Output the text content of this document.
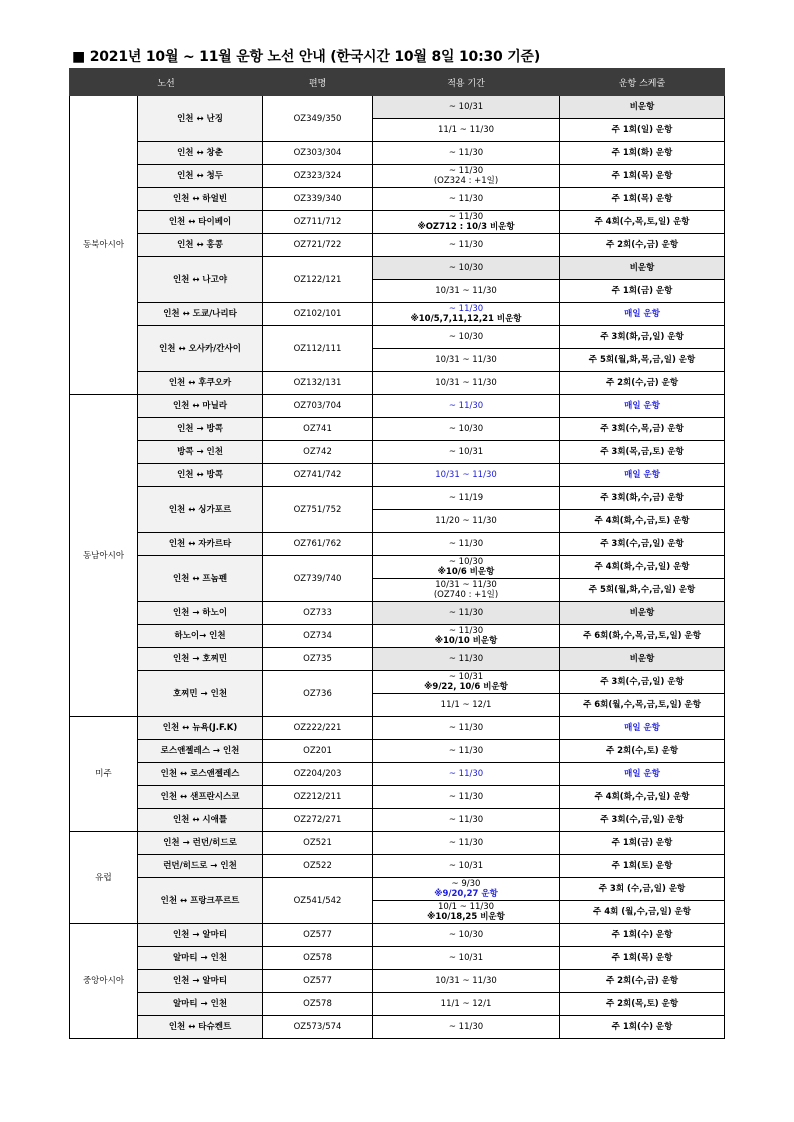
■ 2021년 10월 ~ 11월 운항 노선 안내 (한국시간 10월 8일 10:30 기준)
노선		편명	적용 기간	운항 스케줄
동북아시아	인천 ↔ 난징	OZ349/350	~ 10/31	비운항

			11/1 ~ 11/30	주 1회(일) 운항
	인천 ↔ 창춘	OZ303/304	~ 11/30	주 1회(화) 운항
	인천 ↔ 청두	OZ323/324	~ 11/30
(OZ324 : +1일)	주 1회(목) 운항
	인천 ↔ 하얼빈	OZ339/340	~ 11/30	주 1회(목) 운항
	인천 ↔ 타이베이	OZ711/712	~ 11/30
※OZ712 : 10/3 비운항	주 4회(수,목,토,일) 운항
	인천 ↔ 홍콩	OZ721/722	~ 11/30	주 2회(수,금) 운항
	인천 ↔ 나고야	OZ122/121	~ 10/30	비운항

			10/31 ~ 11/30	주 1회(금) 운항
	인천 ↔ 도쿄/나리타	OZ102/101	~ 11/30
※10/5,7,11,12,21 비운항	매일 운항
	인천 ↔ 오사카/간사이	OZ112/111	~ 10/30	주 3회(화,금,일) 운항

			10/31 ~ 11/30	주 5회(월,화,목,금,일) 운항
	인천 ↔ 후쿠오카	OZ132/131	10/31 ~ 11/30	주 2회(수,금) 운항
동남아시아	인천 ↔ 마닐라	OZ703/704	~ 11/30	매일 운항
	인천 → 방콕	OZ741	~ 10/30	주 3회(수,목,금) 운항
	방콕 → 인천	OZ742	~ 10/31	주 3회(목,금,토) 운항
	인천 ↔ 방콕	OZ741/742	10/31 ~ 11/30	매일 운항
	인천 ↔ 싱가포르	OZ751/752	~ 11/19	주 3회(화,수,금) 운항

			11/20 ~ 11/30	주 4회(화,수,금,토) 운항
	인천 ↔ 자카르타	OZ761/762	~ 11/30	주 3회(수,금,일) 운항
	인천 ↔ 프놈펜	OZ739/740	~ 10/30
※10/6 비운항	주 4회(화,수,금,일) 운항

			10/31 ~ 11/30
(OZ740 : +1일)	주 5회(월,화,수,금,일) 운항
	인천 → 하노이	OZ733	~ 11/30	비운항
	하노이→ 인천	OZ734	~ 11/30
※10/10 비운항	주 6회(화,수,목,금,토,일) 운항
	인천 → 호찌민	OZ735	~ 11/30	비운항
	호찌민 → 인천	OZ736	~ 10/31
※9/22, 10/6 비운항	주 3회(수,금,일) 운항

			11/1 ~ 12/1	주 6회(월,수,목,금,토,일) 운항
미주	인천 ↔ 뉴욕(J.F.K)	OZ222/221	~ 11/30	매일 운항
	로스앤젤레스 → 인천	OZ201	~ 11/30	주 2회(수,토) 운항
	인천 ↔ 로스앤젤레스	OZ204/203	~ 11/30	매일 운항
	인천 ↔ 샌프란시스코	OZ212/211	~ 11/30	주 4회(화,수,금,일) 운항
	인천 ↔ 시애틀	OZ272/271	~ 11/30	주 3회(수,금,일) 운항
유럽	인천 → 런던/히드로	OZ521	~ 11/30	주 1회(금) 운항
	런던/히드로 → 인천	OZ522	~ 10/31	주 1회(토) 운항
	인천 ↔ 프랑크푸르트	OZ541/542	~ 9/30
※9/20,27 운항	주 3회 (수,금,일) 운항

			10/1 ~ 11/30
※10/18,25 비운항	주 4회 (월,수,금,일) 운항
중앙아시아	인천 → 알마티	OZ577	~ 10/30	주 1회(수) 운항
	알마티 → 인천	OZ578	~ 10/31	주 1회(목) 운항
	인천 → 알마티	OZ577	10/31 ~ 11/30	주 2회(수,금) 운항
	알마티 → 인천	OZ578	11/1 ~ 12/1	주 2회(목,토) 운항
	인천 ↔ 타슈켄트	OZ573/574	~ 11/30	주 1회(수) 운항
